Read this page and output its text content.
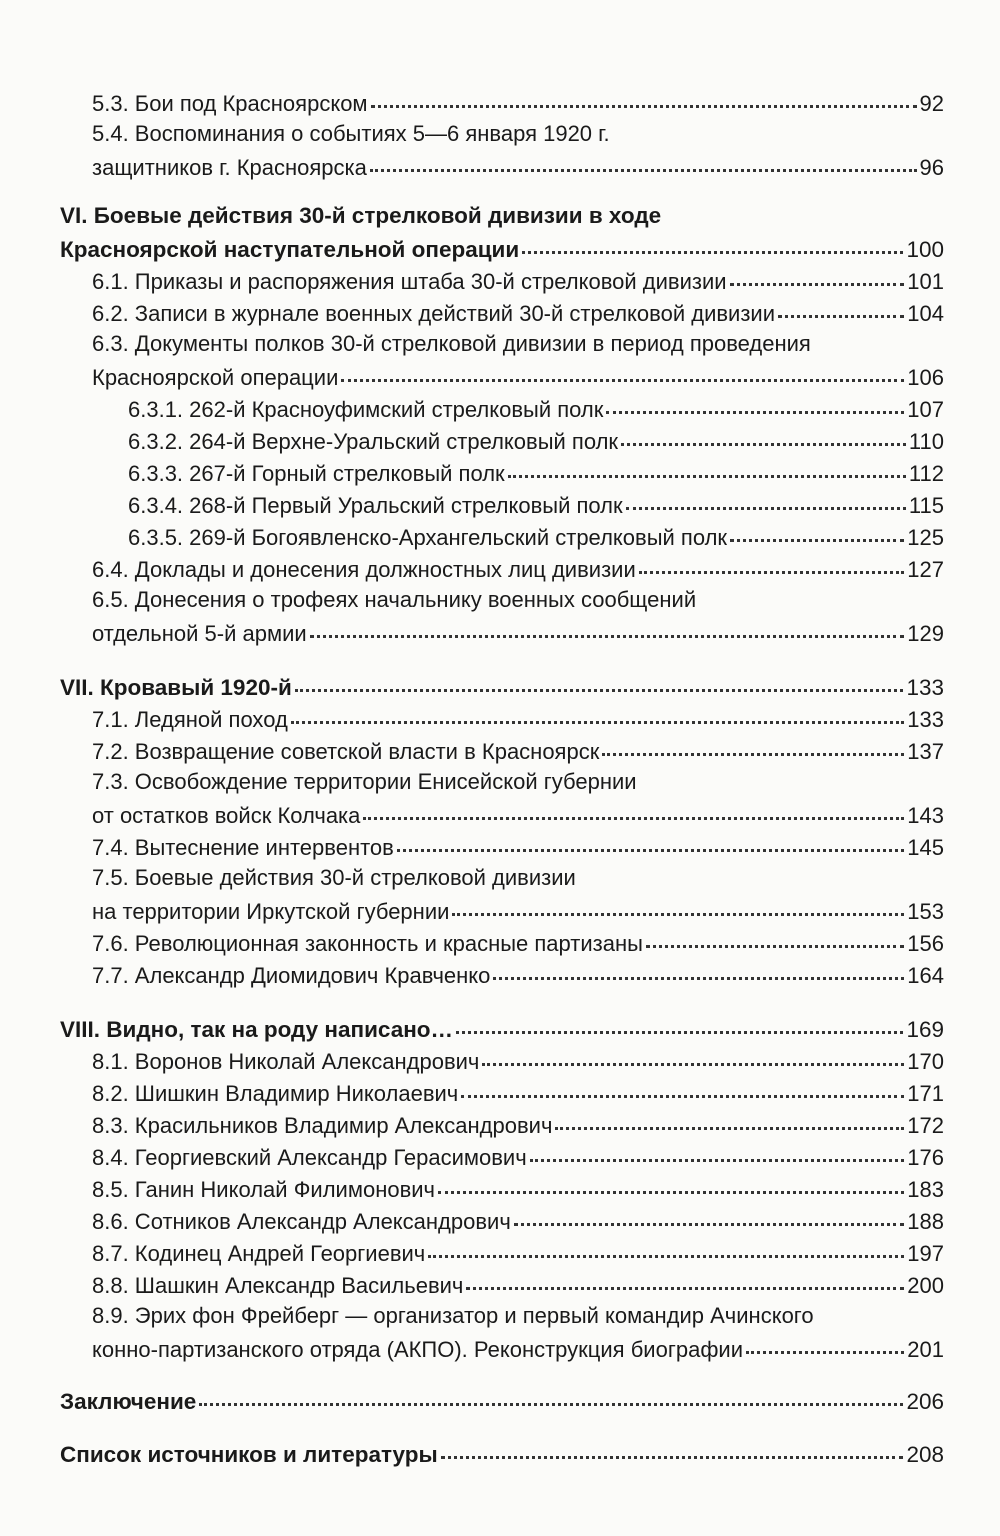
5.3. Бои под Красноярском	92
5.4. Воспоминания о событиях 5—6 января 1920 г.
защитников г. Красноярска	96
VI. Боевые действия 30-й стрелковой дивизии в ходе
Красноярской наступательной операции	100
6.1. Приказы и распоряжения штаба 30-й стрелковой дивизии	101
6.2. Записи в журнале военных действий 30-й стрелковой дивизии	104
6.3. Документы полков 30-й стрелковой дивизии в период проведения
Красноярской операции	106
6.3.1. 262-й Красноуфимский стрелковый полк	107
6.3.2. 264-й Верхне-Уральский стрелковый полк	110
6.3.3. 267-й Горный стрелковый полк	112
6.3.4. 268-й Первый Уральский стрелковый полк	115
6.3.5. 269-й Богоявленско-Архангельский стрелковый полк	125
6.4. Доклады и донесения должностных лиц дивизии	127
6.5. Донесения о трофеях начальнику военных сообщений
отдельной 5-й армии	129
VII. Кровавый 1920-й	133
7.1. Ледяной поход	133
7.2. Возвращение советской власти в Красноярск	137
7.3. Освобождение территории Енисейской губернии
от остатков войск Колчака	143
7.4. Вытеснение интервентов	145
7.5. Боевые действия 30-й стрелковой дивизии
на территории Иркутской губернии	153
7.6. Революционная законность и красные партизаны	156
7.7. Александр Диомидович Кравченко	164
VIII. Видно, так на роду написано…	169
8.1. Воронов Николай Александрович	170
8.2. Шишкин Владимир Николаевич	171
8.3. Красильников Владимир Александрович	172
8.4. Георгиевский Александр Герасимович	176
8.5. Ганин Николай Филимонович	183
8.6. Сотников Александр Александрович	188
8.7. Кодинец Андрей Георгиевич	197
8.8. Шашкин Александр Васильевич	200
8.9. Эрих фон Фрейберг — организатор и первый командир Ачинского
конно-партизанского отряда (АКПО). Реконструкция биографии	201
Заключение	206
Список источников и литературы	208
